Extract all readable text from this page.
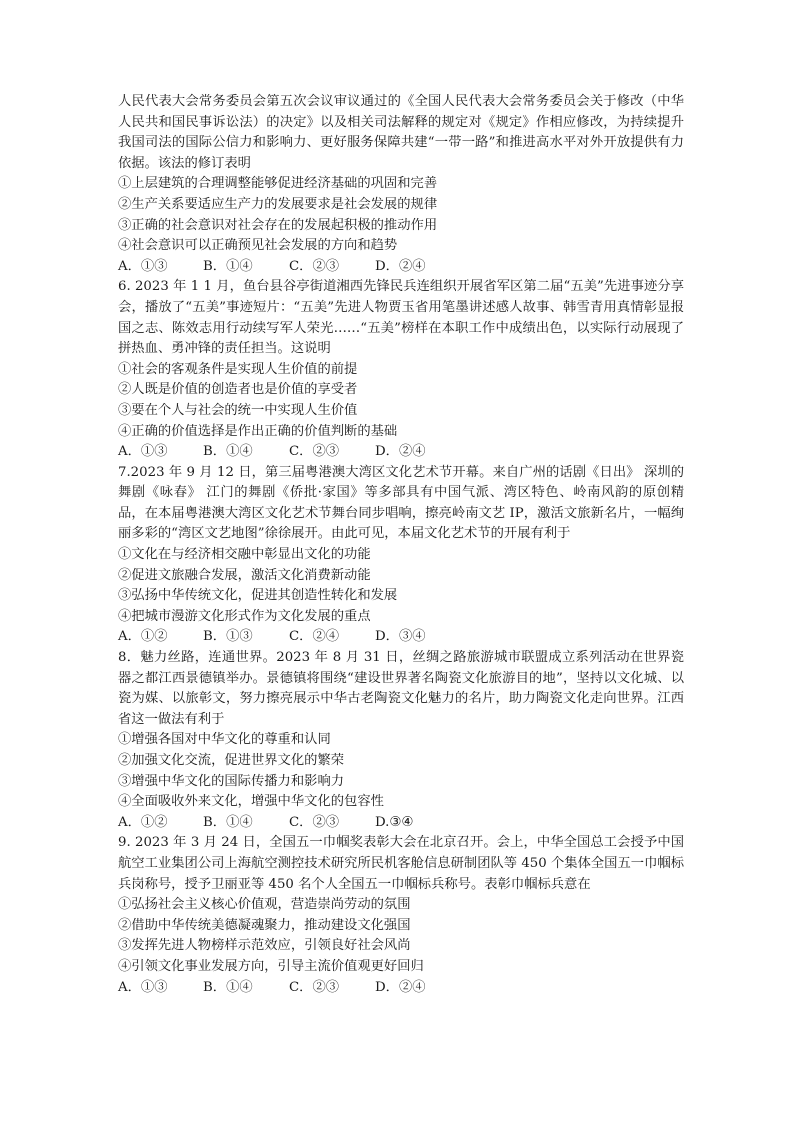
人民代表大会常务委员会第五次会议审议通过的《全国人民代表大会常务委员会关于修改（中华人民共和国民事诉讼法）的决定》以及相关司法解释的规定对《规定》作相应修改，为持续提升我国司法的国际公信力和影响力、更好服务保障共建“一带一路”和推进高水平对外开放提供有力依据。该法的修订表明

①上层建筑的合理调整能够促进经济基础的巩固和完善

②生产关系要适应生产力的发展要求是社会发展的规律

③正确的社会意识对社会存在的发展起积极的推动作用

④社会意识可以正确预见社会发展的方向和趋势

A．①③	B．①④	C．②③	D．②④

6. 2023 年 1 1 月，鱼台县谷亭街道湘西先锋民兵连组织开展省军区第二届“五美”先进事迹分享会，播放了“五美”事迹短片：“五美”先进人物贾玉省用笔墨讲述感人故事、韩雪青用真情彰显报国之志、陈效志用行动续写军人荣光……“五美”榜样在本职工作中成绩出色，以实际行动展现了拼热血、勇冲锋的责任担当。这说明

①社会的客观条件是实现人生价值的前提

②人既是价值的创造者也是价值的享受者

③要在个人与社会的统一中实现人生价值

④正确的价值选择是作出正确的价值判断的基础

A．①③	B．①④	C．②③	D．②④

7.2023 年 9 月 12 日，第三届粤港澳大湾区文化艺术节开幕。来自广州的话剧《日出》 深圳的舞剧《咏春》 江门的舞剧《侨批·家国》等多部具有中国气派、湾区特色、岭南风韵的原创精品，在本届粤港澳大湾区文化艺术节舞台同步唱响，擦亮岭南文艺 IP，激活文旅新名片，一幅绚丽多彩的“湾区文艺地图”徐徐展开。由此可见，本届文化艺术节的开展有利于

①文化在与经济相交融中彰显出文化的功能

②促进文旅融合发展，激活文化消费新动能

③弘扬中华传统文化，促进其创造性转化和发展

④把城市漫游文化形式作为文化发展的重点

A．①②	B．①③	C．②④	D．③④

8．魅力丝路，连通世界。2023 年 8 月 31 日，丝绸之路旅游城市联盟成立系列活动在世界瓷器之都江西景德镇举办。景德镇将围绕“建设世界著名陶瓷文化旅游目的地”，坚持以文化城、以瓷为媒、以旅彰文，努力擦亮展示中华古老陶瓷文化魅力的名片，助力陶瓷文化走向世界。江西省这一做法有利于

①增强各国对中华文化的尊重和认同

②加强文化交流，促进世界文化的繁荣

③增强中华文化的国际传播力和影响力

④全面吸收外来文化，增强中华文化的包容性

A．①②	B．①④	C．②③	D.③④

9. 2023 年 3 月 24 日，全国五一巾帼奖表彰大会在北京召开。会上，中华全国总工会授予中国航空工业集团公司上海航空测控技术研究所民机客舱信息研制团队等 450 个集体全国五一巾帼标兵岗称号，授予卫丽亚等 450 名个人全国五一巾帼标兵称号。表彰巾帼标兵意在

①弘扬社会主义核心价值观，营造崇尚劳动的氛围

②借助中华传统美德凝魂聚力，推动建设文化强国

③发挥先进人物榜样示范效应，引领良好社会风尚

④引领文化事业发展方向，引导主流价值观更好回归

A．①③	B．①④	C．②③	D．②④
